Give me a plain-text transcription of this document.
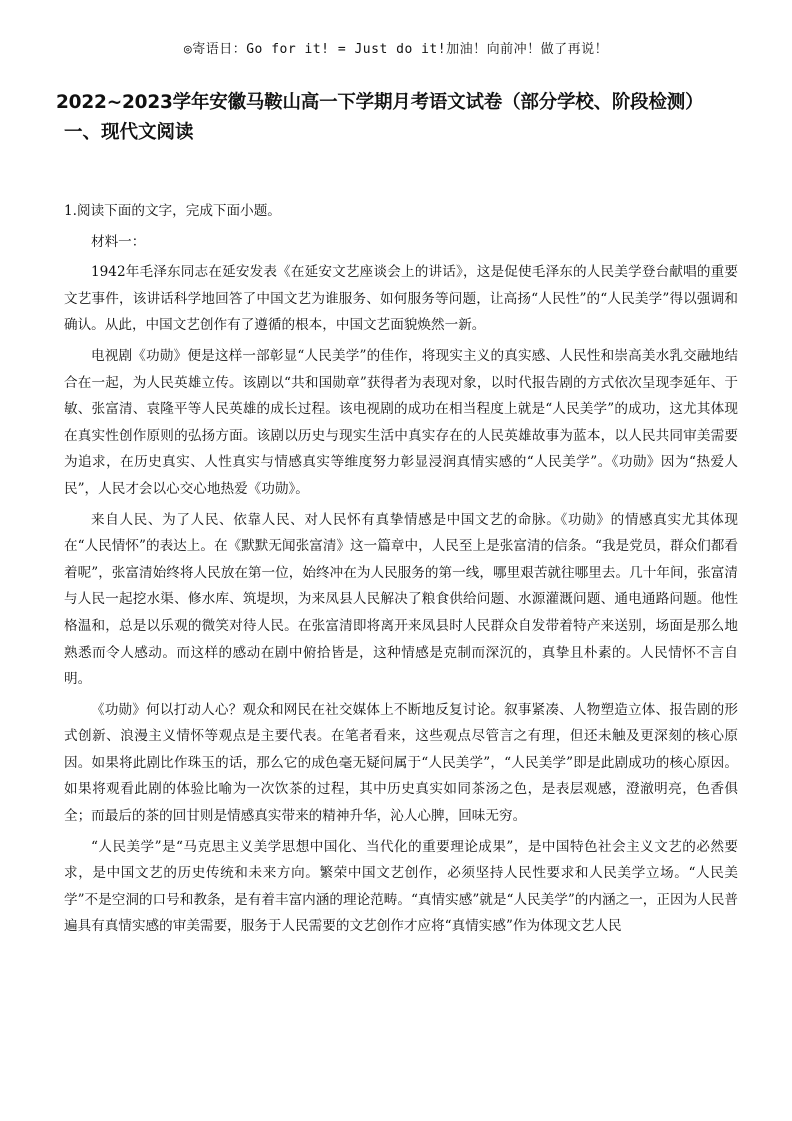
◎寄语日：Go for it! = Just do it!加油！向前冲！做了再说！
2022~2023学年安徽马鞍山高一下学期月考语文试卷（部分学校、阶段检测）
一、现代文阅读

1.阅读下面的文字，完成下面小题。

材料一：

1942年毛泽东同志在延安发表《在延安文艺座谈会上的讲话》，这是促使毛泽东的人民美学登台献唱的重要文艺事件，该讲话科学地回答了中国文艺为谁服务、如何服务等问题，让高扬“人民性”的“人民美学”得以强调和确认。从此，中国文艺创作有了遵循的根本，中国文艺面貌焕然一新。

电视剧《功勋》便是这样一部彰显“人民美学”的佳作，将现实主义的真实感、人民性和崇高美水乳交融地结合在一起，为人民英雄立传。该剧以“共和国勋章”获得者为表现对象，以时代报告剧的方式依次呈现李延年、于敏、张富清、袁隆平等人民英雄的成长过程。该电视剧的成功在相当程度上就是“人民美学”的成功，这尤其体现在真实性创作原则的弘扬方面。该剧以历史与现实生活中真实存在的人民英雄故事为蓝本，以人民共同审美需要为追求，在历史真实、人性真实与情感真实等维度努力彰显浸润真情实感的“人民美学”。《功勋》因为“热爱人民”，人民才会以心交心地热爱《功勋》。

来自人民、为了人民、依靠人民、对人民怀有真挚情感是中国文艺的命脉。《功勋》的情感真实尤其体现在“人民情怀”的表达上。在《默默无闻张富清》这一篇章中，人民至上是张富清的信条。“我是党员，群众们都看着呢”，张富清始终将人民放在第一位，始终冲在为人民服务的第一线，哪里艰苦就往哪里去。几十年间，张富清与人民一起挖水渠、修水库、筑堤坝，为来凤县人民解决了粮食供给问题、水源灌溉问题、通电通路问题。他性格温和，总是以乐观的微笑对待人民。在张富清即将离开来凤县时人民群众自发带着特产来送别，场面是那么地熟悉而令人感动。而这样的感动在剧中俯拾皆是，这种情感是克制而深沉的，真挚且朴素的。人民情怀不言自明。

《功勋》何以打动人心？观众和网民在社交媒体上不断地反复讨论。叙事紧凑、人物塑造立体、报告剧的形式创新、浪漫主义情怀等观点是主要代表。在笔者看来，这些观点尽管言之有理，但还未触及更深刻的核心原因。如果将此剧比作珠玉的话，那么它的成色毫无疑问属于“人民美学”，“人民美学”即是此剧成功的核心原因。如果将观看此剧的体验比喻为一次饮茶的过程，其中历史真实如同茶汤之色，是表层观感，澄澈明亮，色香俱全；而最后的茶的回甘则是情感真实带来的精神升华，沁人心脾，回味无穷。

“人民美学”是“马克思主义美学思想中国化、当代化的重要理论成果”，是中国特色社会主义文艺的必然要求，是中国文艺的历史传统和未来方向。繁荣中国文艺创作，必须坚持人民性要求和人民美学立场。“人民美学”不是空洞的口号和教条，是有着丰富内涵的理论范畴。“真情实感”就是“人民美学”的内涵之一，正因为人民普遍具有真情实感的审美需要，服务于人民需要的文艺创作才应将“真情实感”作为体现文艺人民
